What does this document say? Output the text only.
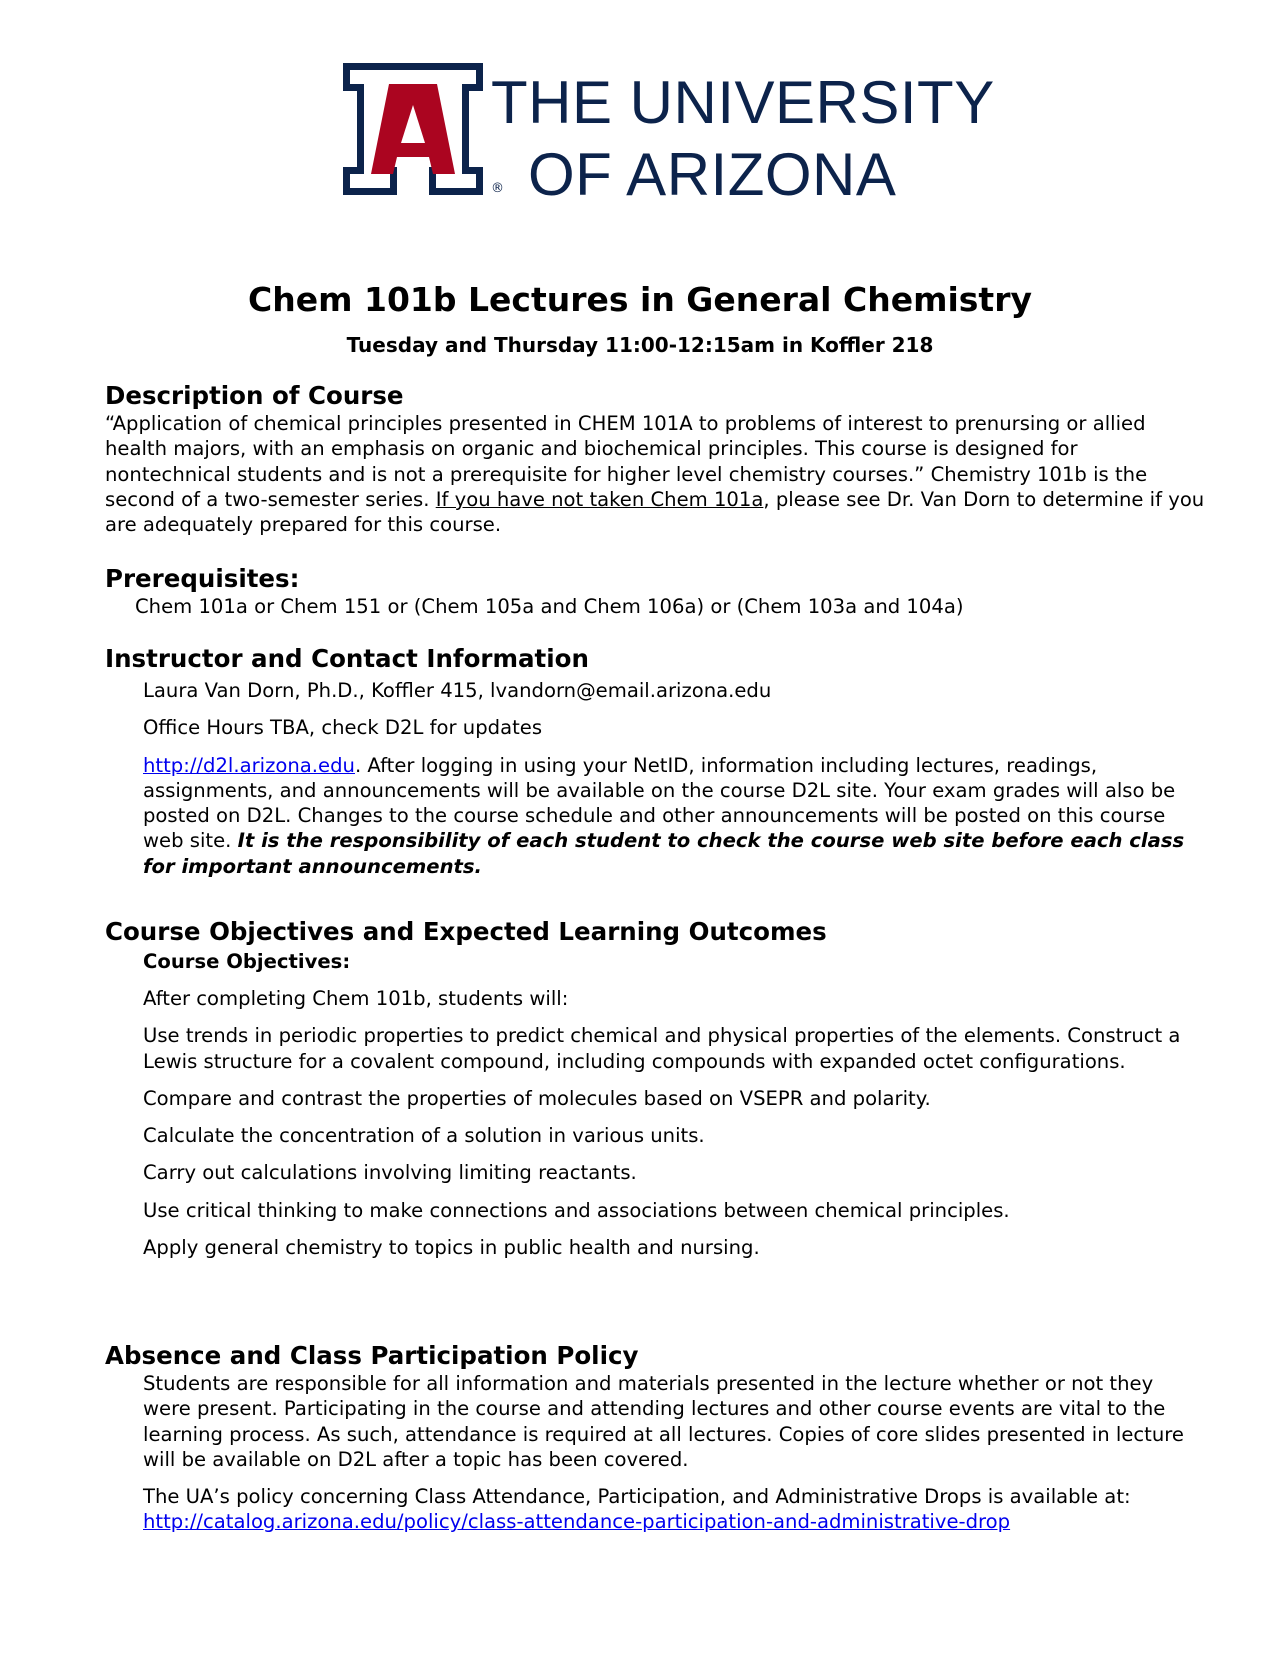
THE UNIVERSITY
OF ARIZONA
®
Chem 101b Lectures in General Chemistry
Tuesday and Thursday 11:00-12:15am in Koffler 218
Description of Course

“Application of chemical principles presented in CHEM 101A to problems of interest to prenursing or allied health majors, with an emphasis on organic and biochemical principles. This course is designed for nontechnical students and is not a prerequisite for higher level chemistry courses.” Chemistry 101b is the second of a two-semester series. If you have not taken Chem 101a, please see Dr. Van Dorn to determine if you are adequately prepared for this course.

Prerequisites:

Chem 101a or Chem 151 or (Chem 105a and Chem 106a) or (Chem 103a and 104a)

Instructor and Contact Information

Laura Van Dorn, Ph.D., Koffler 415, lvandorn@email.arizona.edu

Office Hours TBA, check D2L for updates

http://d2l.arizona.edu. After logging in using your NetID, information including lectures, readings, assignments, and announcements will be available on the course D2L site. Your exam grades will also be posted on D2L. Changes to the course schedule and other announcements will be posted on this course web site. It is the responsibility of each student to check the course web site before each class for important announcements.

Course Objectives and Expected Learning Outcomes
Course Objectives:

After completing Chem 101b, students will:

Use trends in periodic properties to predict chemical and physical properties of the elements. Construct a Lewis structure for a covalent compound, including compounds with expanded octet configurations.

Compare and contrast the properties of molecules based on VSEPR and polarity.

Calculate the concentration of a solution in various units.

Carry out calculations involving limiting reactants.

Use critical thinking to make connections and associations between chemical principles.

Apply general chemistry to topics in public health and nursing.

Absence and Class Participation Policy

Students are responsible for all information and materials presented in the lecture whether or not they were present. Participating in the course and attending lectures and other course events are vital to the learning process. As such, attendance is required at all lectures. Copies of core slides presented in lecture will be available on D2L after a topic has been covered.

The UA’s policy concerning Class Attendance, Participation, and Administrative Drops is available at: http://catalog.arizona.edu/policy/class-attendance-participation-and-administrative-drop
